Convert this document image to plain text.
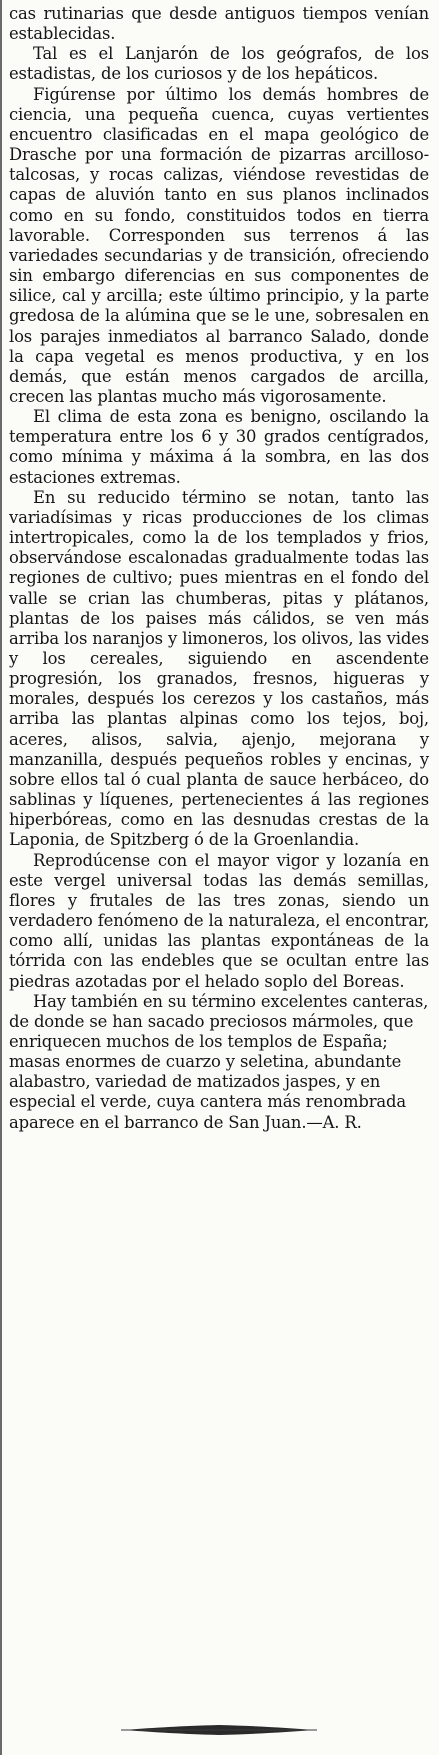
cas rutinarias que desde antiguos tiempos venían establecidas.

Tal es el Lanjarón de los geógrafos, de los estadistas, de los curiosos y de los hepáticos.

Figúrense por último los demás hombres de ciencia, una pequeña cuenca, cuyas vertientes encuentro clasificadas en el mapa geológico de Drasche por una formación de pizarras arcilloso-talcosas, y rocas calizas, viéndose revestidas de capas de aluvión tanto en sus planos inclinados como en su fondo, constituidos todos en tierra lavorable. Corresponden sus terrenos á las variedades secundarias y de transición, ofreciendo sin embargo diferencias en sus componentes de silice, cal y arcilla; este último principio, y la parte gredosa de la alúmina que se le une, sobresalen en los parajes inmediatos al barranco Salado, donde la capa vegetal es menos productiva, y en los demás, que están menos cargados de arcilla, crecen las plantas mucho más vigorosamente.

El clima de esta zona es benigno, oscilando la temperatura entre los 6 y 30 grados centígrados, como mínima y máxima á la sombra, en las dos estaciones extremas.

En su reducido término se notan, tanto las variadísimas y ricas producciones de los climas intertropicales, como la de los templados y frios, observándose escalonadas gradualmente todas las regiones de cultivo; pues mientras en el fondo del valle se crian las chumberas, pitas y plátanos, plantas de los paises más cálidos, se ven más arriba los naranjos y limoneros, los olivos, las vides y los cereales, siguiendo en ascendente progresión, los granados, fresnos, higueras y morales, después los cerezos y los castaños, más arriba las plantas alpinas como los tejos, boj, aceres, alisos, salvia, ajenjo, mejorana y manzanilla, después pequeños robles y encinas, y sobre ellos tal ó cual planta de sauce herbáceo, do sablinas y líquenes, pertenecientes á las regiones hiperbóreas, como en las desnudas crestas de la Laponia, de Spitzberg ó de la Groenlandia.

Reprodúcense con el mayor vigor y lozanía en este vergel universal todas las demás semillas, flores y frutales de las tres zonas, siendo un verdadero fenómeno de la naturaleza, el encontrar, como allí, unidas las plantas expontáneas de la tórrida con las endebles que se ocultan entre las piedras azotadas por el helado soplo del Boreas.

Hay también en su término excelentes canteras, de donde se han sacado preciosos mármoles, que enriquecen muchos de los templos de España; masas enormes de cuarzo y seletina, abundante alabastro, variedad de matizados jaspes, y en especial el verde, cuya cantera más renombrada aparece en el barranco de San Juan.—A. R.
